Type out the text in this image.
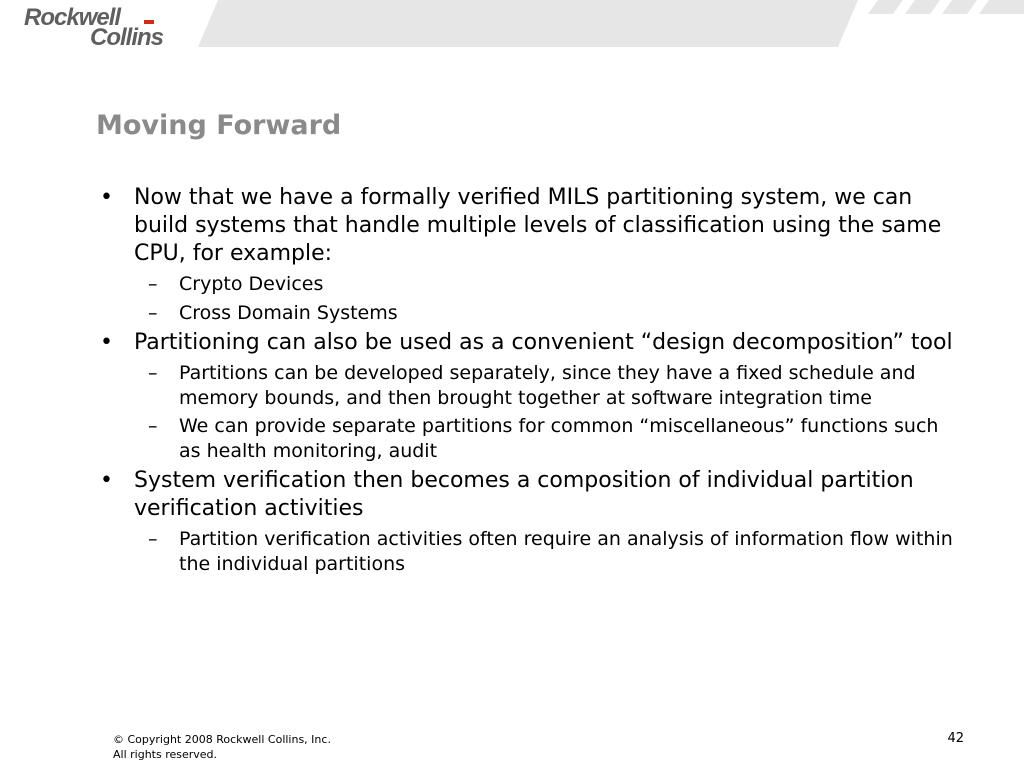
Rockwell
Collins
Moving Forward
• Now that we have a formally verified MILS partitioning system, we can build systems that handle multiple levels of classification using the same CPU, for example:
– Crypto Devices
– Cross Domain Systems
• Partitioning can also be used as a convenient “design decomposition” tool
– Partitions can be developed separately, since they have a fixed schedule and memory bounds, and then brought together at software integration time
– We can provide separate partitions for common “miscellaneous” functions such as health monitoring, audit
• System verification then becomes a composition of individual partition verification activities
– Partition verification activities often require an analysis of information flow within the individual partitions
© Copyright 2008 Rockwell Collins, Inc.
All rights reserved.
42
